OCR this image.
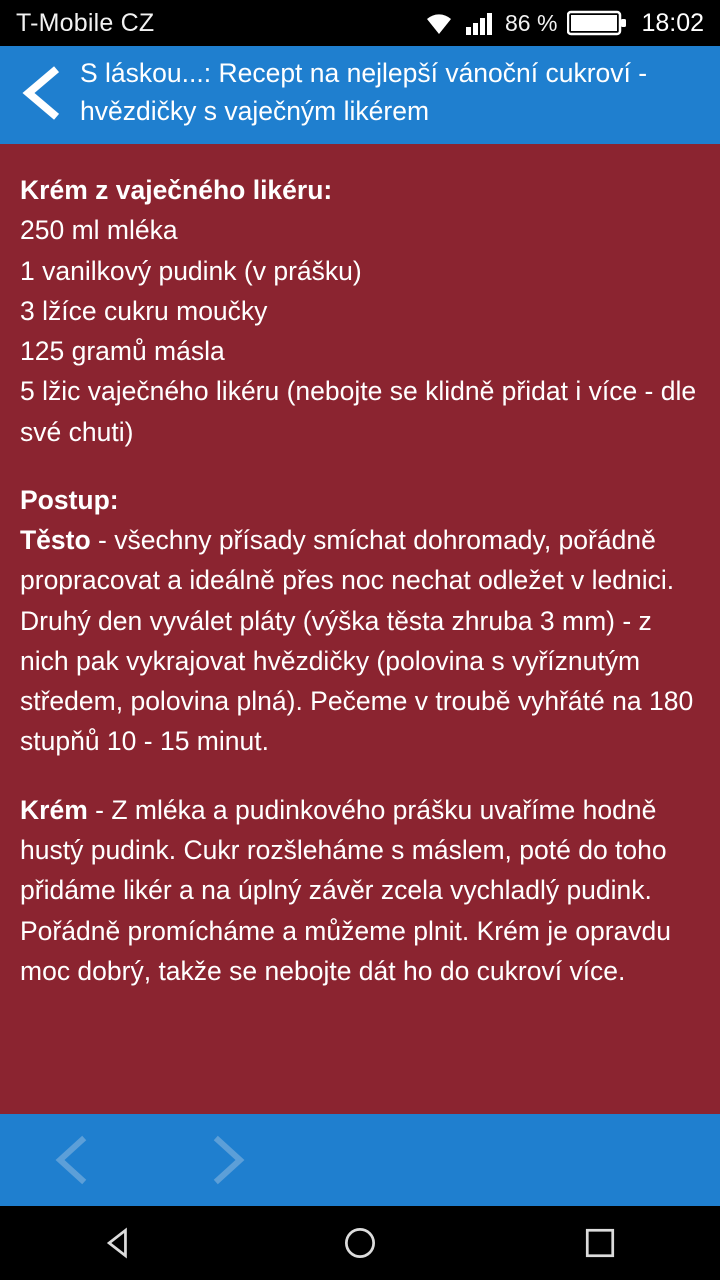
T-Mobile CZ	86 %	18:02
S láskou...: Recept na nejlepší vánoční cukroví - hvězdičky s vaječným likérem

Krém z vaječného likéru:

250 ml mléka

1 vanilkový pudink (v prášku)

3 lžíce cukru moučky

125 gramů másla

5 lžic vaječného likéru (nebojte se klidně přidat i více - dle své chuti)

Postup:

Těsto - všechny přísady smíchat dohromady, pořádně propracovat a ideálně přes noc nechat odležet v lednici. Druhý den vyválet pláty (výška těsta zhruba 3 mm) - z nich pak vykrajovat hvězdičky (polovina s vyříznutým středem, polovina plná). Pečeme v troubě vyhřáté na 180 stupňů 10 - 15 minut.

Krém - Z mléka a pudinkového prášku uvaříme hodně hustý pudink. Cukr rozšleháme s máslem, poté do toho přidáme likér a na úplný závěr zcela vychladlý pudink. Pořádně promícháme a můžeme plnit. Krém je opravdu moc dobrý, takže se nebojte dát ho do cukroví více.
